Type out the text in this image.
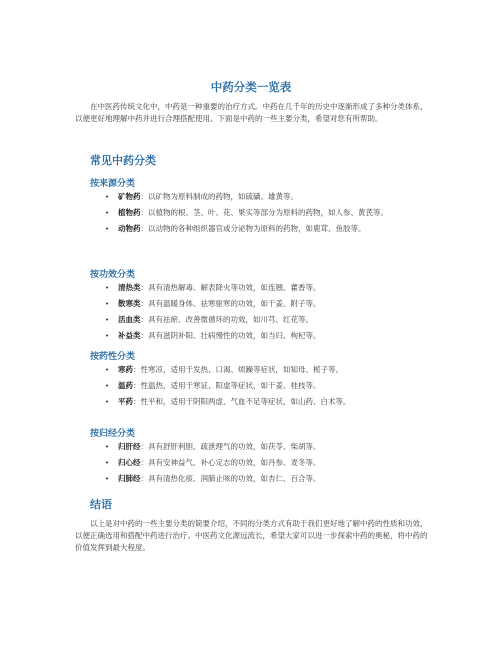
中药分类一览表
在中医药传统文化中，中药是一种重要的治疗方式。中药在几千年的历史中逐渐形成了多种分类体系，以便更好地理解中药并进行合理搭配使用。下面是中药的一些主要分类，希望对您有所帮助。
常见中药分类
按来源分类
• 矿物药：以矿物为原料制成的药物，如硫磺、雄黄等。
• 植物药：以植物的根、茎、叶、花、果实等部分为原料的药物，如人参、黄芪等。
• 动物药：以动物的各种组织器官或分泌物为原料的药物，如鹿茸、鱼胶等。
按功效分类
• 清热类：具有清热解毒、解表降火等功效，如连翘、藿香等。
• 散寒类：具有温暖身体、祛寒驱寒的功效，如干姜、附子等。
• 活血类：具有祛瘀、改善微循环的功效，如川芎、红花等。
• 补益类：具有滋阴补阳、壮病慢性的功效，如当归、枸杞等。
按药性分类
• 寒药：性寒凉，适用于发热、口渴、烦躁等症状，如知母、栀子等。
• 温药：性温热，适用于寒证、阳虚等症状，如干姜、桂枝等。
• 平药：性平和，适用于阴阳两虚、气血不足等症状，如山药、白术等。
按归经分类
• 归肝经：具有舒肝利胆、疏泄理气的功效，如茯苓、柴胡等。
• 归心经：具有安神益气、补心定志的功效，如丹参、麦冬等。
• 归肺经：具有清热化痰、润肺止咳的功效，如杏仁、百合等。
结语
以上是对中药的一些主要分类的简要介绍，不同的分类方式有助于我们更好地了解中药的性质和功效，以便正确选用和搭配中药进行治疗。中医药文化源远流长，希望大家可以进一步探索中药的奥秘，将中药的价值发挥到最大程度。
